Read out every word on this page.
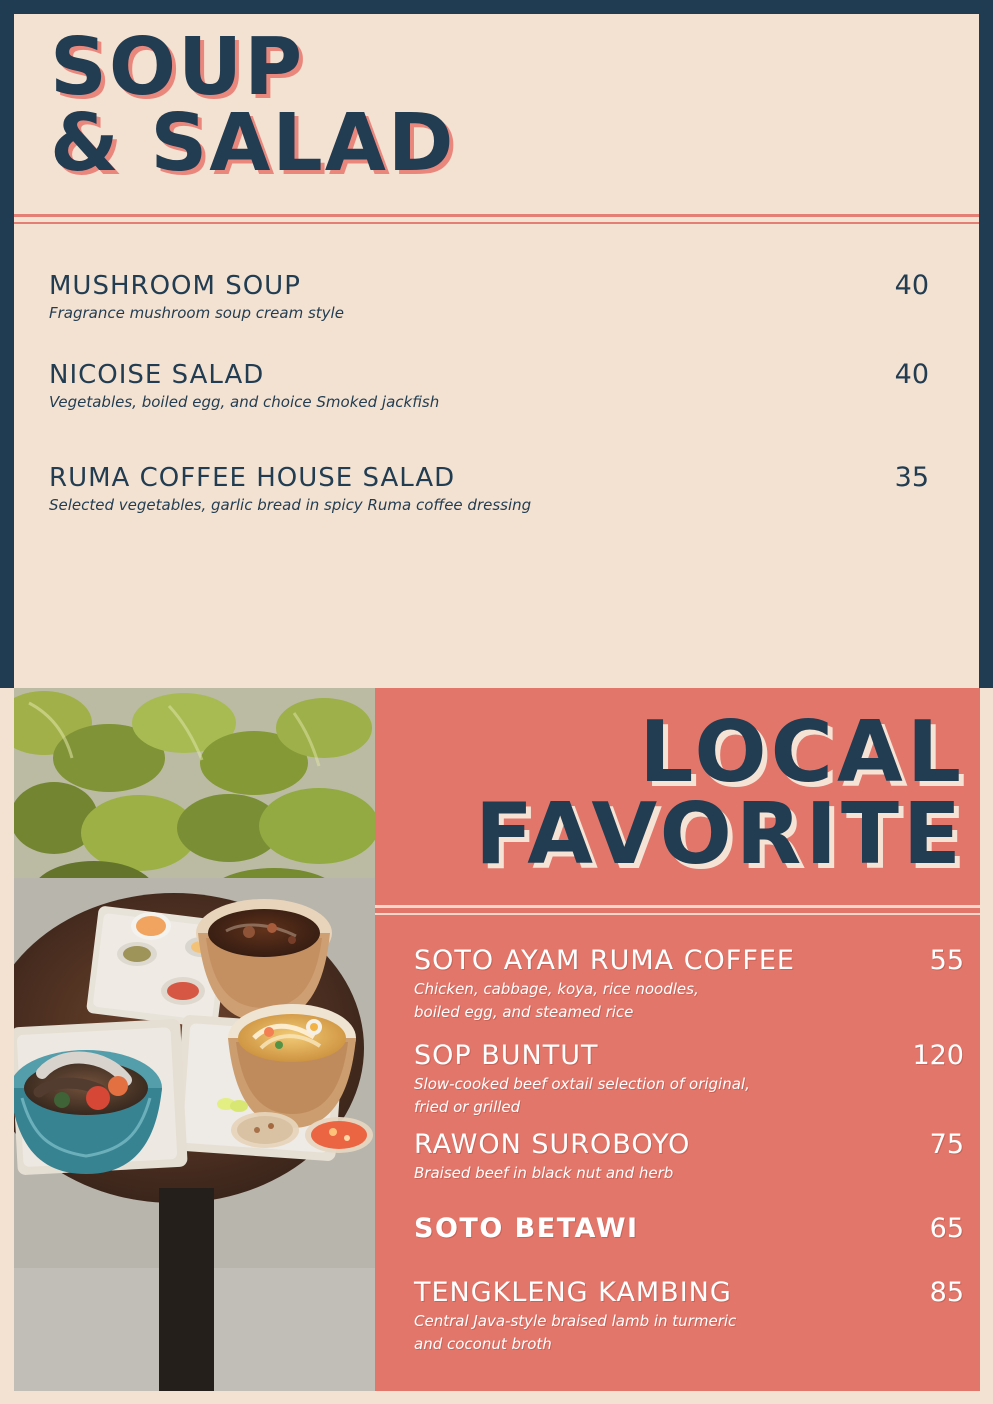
SOUP
& SALAD
MUSHROOM SOUP
Fragrance mushroom soup cream style
40
NICOISE SALAD
Vegetables, boiled egg, and choice Smoked jackfish
40
RUMA COFFEE HOUSE SALAD
Selected vegetables, garlic bread in spicy Ruma coffee dressing
35
LOCAL
FAVORITE
SOTO AYAM RUMA COFFEE
Chicken, cabbage, koya, rice noodles,
boiled egg, and steamed rice
55
SOP BUNTUT
Slow-cooked beef oxtail selection of original,
fried or grilled
120
RAWON SUROBOYO
Braised beef in black nut and herb
75
SOTO BETAWI	65
TENGKLENG KAMBING
Central Java-style braised lamb in turmeric
and coconut broth
85
